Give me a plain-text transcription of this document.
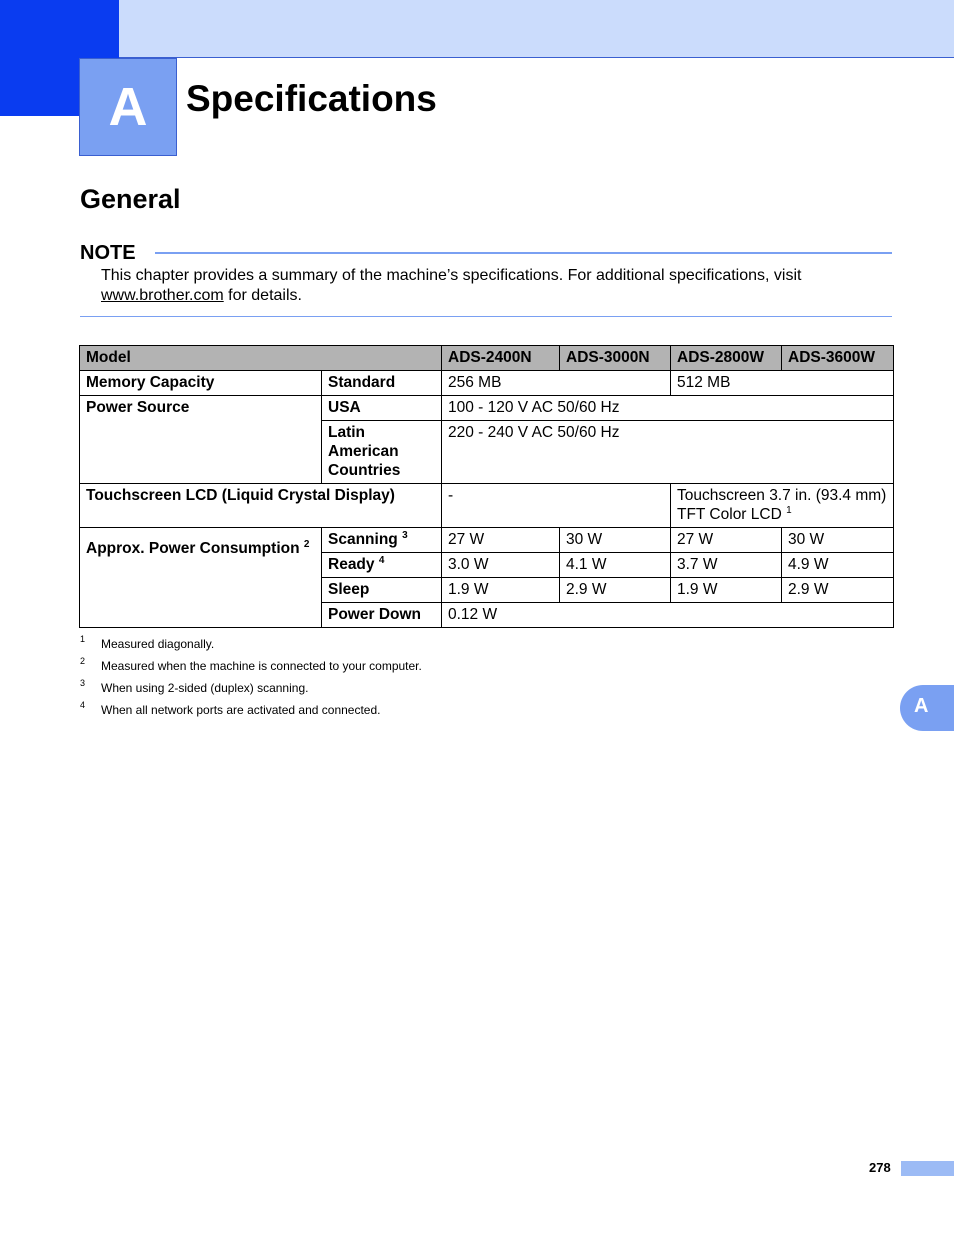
A Specifications
General
NOTE
This chapter provides a summary of the machine’s specifications. For additional specifications, visit www.brother.com for details.
Model		ADS-2400N	ADS-3000N	ADS-2800W	ADS-3600W
Memory Capacity	Standard	256 MB		512 MB	
Power Source	USA	100 - 120 V AC 50/60 Hz			
	Latin
American
Countries	220 - 240 V AC 50/60 Hz			
Touchscreen LCD (Liquid Crystal Display)		-		Touchscreen 3.7 in. (93.4 mm)
TFT Color LCD $^1$
Approx. Power Consumption $^2$	Scanning $^3$	27 W	30 W	27 W	30 W
	Ready $^4$	3.0 W	4.1 W	3.7 W	4.9 W
	Sleep	1.9 W	2.9 W	1.9 W	2.9 W
	Power Down	0.12 W			
1 Measured diagonally.
2 Measured when the machine is connected to your computer.
3 When using 2-sided (duplex) scanning.
4 When all network ports are activated and connected.	A
278
